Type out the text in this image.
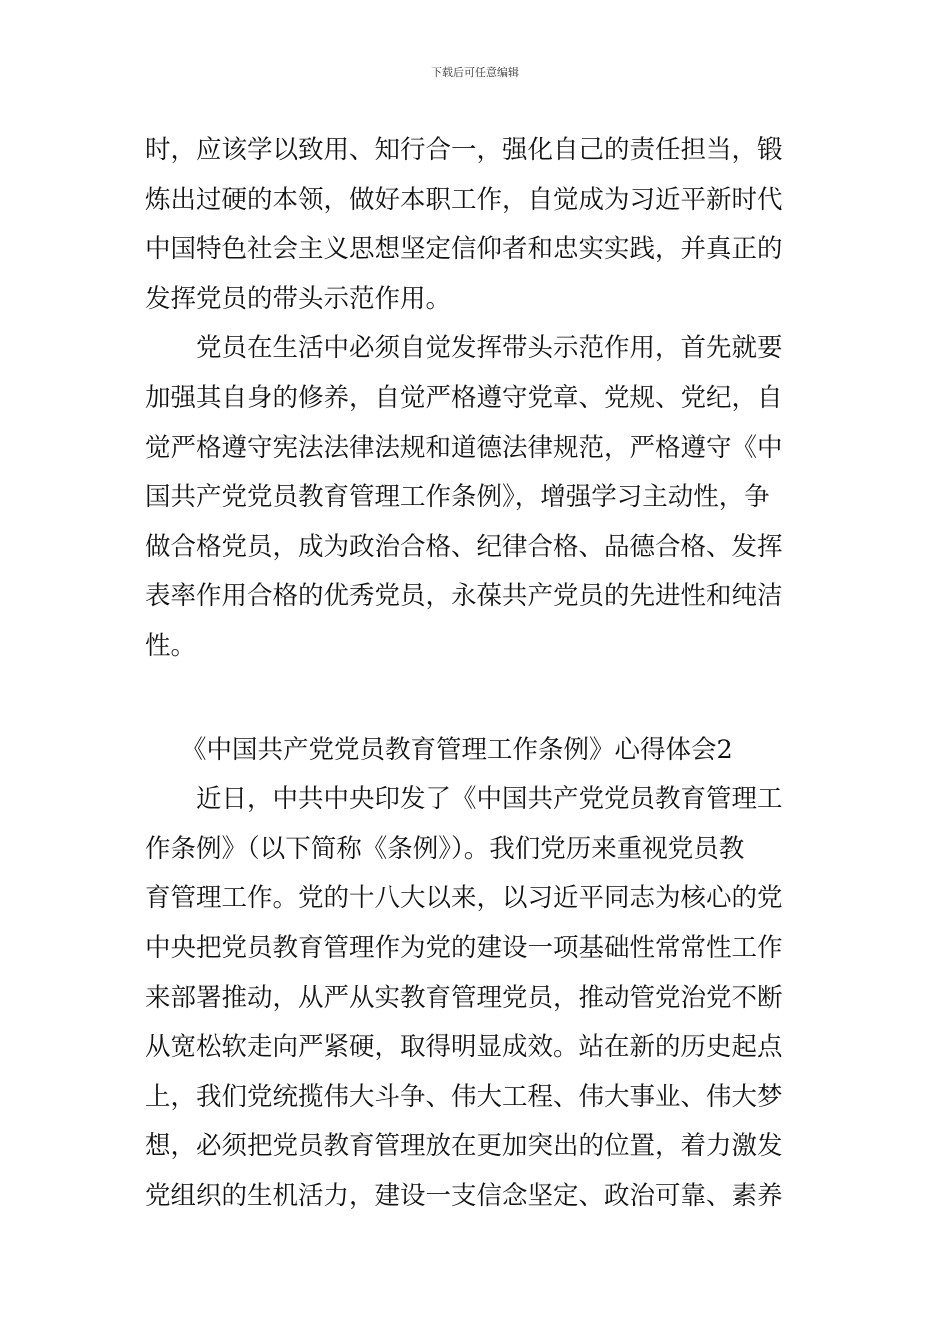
下载后可任意编辑
时，应该学以致用、知行合一，强化自己的责任担当，锻
炼出过硬的本领，做好本职工作，自觉成为习近平新时代
中国特色社会主义思想坚定信仰者和忠实实践，并真正的
发挥党员的带头示范作用。
党员在生活中必须自觉发挥带头示范作用，首先就要
加强其自身的修养，自觉严格遵守党章、党规、党纪，自
觉严格遵守宪法法律法规和道德法律规范，严格遵守《中
国共产党党员教育管理工作条例》，增强学习主动性，争
做合格党员，成为政治合格、纪律合格、品德合格、发挥
表率作用合格的优秀党员，永葆共产党员的先进性和纯洁
性。
《中国共产党党员教育管理工作条例》心得体会2
近日，中共中央印发了《中国共产党党员教育管理工
作条例》（以下简称《条例》）。我们党历来重视党员教
育管理工作。党的十八大以来，以习近平同志为核心的党
中央把党员教育管理作为党的建设一项基础性常常性工作
来部署推动，从严从实教育管理党员，推动管党治党不断
从宽松软走向严紧硬，取得明显成效。站在新的历史起点
上，我们党统揽伟大斗争、伟大工程、伟大事业、伟大梦
想，必须把党员教育管理放在更加突出的位置，着力激发
党组织的生机活力，建设一支信念坚定、政治可靠、素养
